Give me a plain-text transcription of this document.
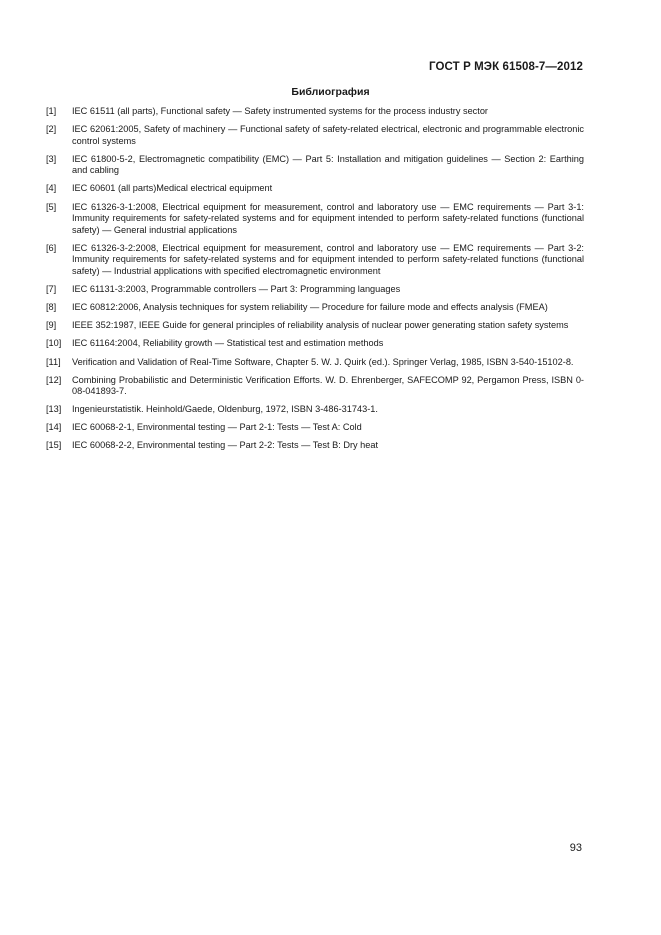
ГОСТ Р МЭК 61508-7—2012
Библиография
[1]	IEC 61511 (all parts), Functional safety — Safety instrumented systems for the process industry sector
[2]	IEC 62061:2005, Safety of machinery — Functional safety of safety-related electrical, electronic and programmable electronic control systems
[3]	IEC 61800-5-2, Electromagnetic compatibility (EMC) — Part 5: Installation and mitigation guidelines — Section 2: Earthing and cabling
[4]	IEC 60601 (all parts)Medical electrical equipment
[5]	IEC 61326-3-1:2008, Electrical equipment for measurement, control and laboratory use — EMC requirements — Part 3-1: Immunity requirements for safety-related systems and for equipment intended to perform safety-related functions (functional safety) — General industrial applications
[6]	IEC 61326-3-2:2008, Electrical equipment for measurement, control and laboratory use — EMC requirements — Part 3-2: Immunity requirements for safety-related systems and for equipment intended to perform safety-related functions (functional safety) — Industrial applications with specified electromagnetic environment
[7]	IEC 61131-3:2003, Programmable controllers — Part 3: Programming languages
[8]	IEC 60812:2006, Analysis techniques for system reliability — Procedure for failure mode and effects analysis (FMEA)
[9]	IEEE 352:1987, IEEE Guide for general principles of reliability analysis of nuclear power generating station safety systems
[10]	IEC 61164:2004, Reliability growth — Statistical test and estimation methods
[11]	Verification and Validation of Real-Time Software, Chapter 5. W. J. Quirk (ed.). Springer Verlag, 1985, ISBN 3-540-15102-8.
[12]	Combining Probabilistic and Deterministic Verification Efforts. W. D. Ehrenberger, SAFECOMP 92, Pergamon Press, ISBN 0-08-041893-7.
[13]	Ingenieurstatistik. Heinhold/Gaede, Oldenburg, 1972, ISBN 3-486-31743-1.
[14]	IEC 60068-2-1, Environmental testing — Part 2-1: Tests — Test A: Cold
[15]	IEC 60068-2-2, Environmental testing — Part 2-2: Tests — Test B: Dry heat
93
